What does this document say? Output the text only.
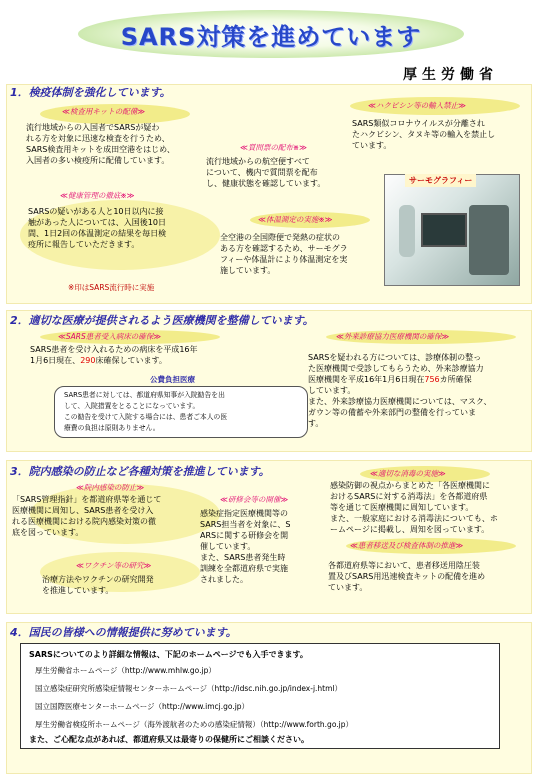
SARS対策を進めています
厚生労働省
1．検疫体制を強化しています。
≪検査用キットの配備≫
流行地域からの入国者でSARSが疑わ
れる方を対象に迅速な検査を行うため、
SARS検査用キットを成田空港をはじめ、
入国者の多い検疫所に配備しています。
≪健康管理の徹底※≫
SARSの疑いがある人と10日以内に接
触があった人については、入国後10日
間、1日2回の体温測定の結果を毎日検
疫所に報告していただきます。
≪質問票の配布※≫
流行地域からの航空便すべて
について、機内で質問票を配布
し、健康状態を確認しています。
≪ハクビシン等の輸入禁止≫
SARS類似コロナウイルスが分離され
たハクビシン、タヌキ等の輸入を禁止し
ています。
サーモグラフィー
≪体温測定の実施※≫
全空港の全国際便で発熱の症状の
ある方を確認するため、サーモグラ
フィーや体温計により体温測定を実
施しています。
※印はSARS流行時に実施
2．適切な医療が提供されるよう医療機関を整備しています。
≪SARS患者受入病床の確保≫
SARS患者を受け入れるための病床を平成16年
1月6日現在、290床確保しています。
公費負担医療
SARS患者に対しては、都道府県知事が入院勧告を出
して、入院措置をとることになっています。
この勧告を受けて入院する場合には、患者ご本人の医
療費の負担は原則ありません。
≪外来診療協力医療機関の確保≫
SARSを疑われる方については、診療体制の整っ
た医療機関で受診してもらうため、外来診療協力
医療機関を平成16年1月6日現在756カ所確保
しています。
また、外来診療協力医療機関については、マスク、
ガウン等の備蓄や外来部門の整備を行っていま
す。
3．院内感染の防止など各種対策を推進しています。
≪院内感染の防止≫
「SARS管理指針」を都道府県等を通じて
医療機関に周知し、SARS患者を受け入
れる医療機関における院内感染対策の徹
底を図っています。
≪研修会等の開催≫
感染症指定医療機関等の
SARS担当者を対象に、S
ARSに関する研修会を開
催しています。
また、SARS患者発生時
訓練を全都道府県で実施
されました。
≪適切な消毒の実施≫
感染防御の視点からまとめた「各医療機関に
おけるSARSに対する消毒法」を各都道府県
等を通じて医療機関に周知しています。
また、一般家庭における消毒法についても、ホ
ームページに掲載し、周知を図っています。
≪ワクチン等の研究≫
治療方法やワクチンの研究開発
を推進しています。
≪患者移送及び検査体制の推進≫
各都道府県等において、患者移送用陰圧装
置及びSARS用迅速検査キットの配備を進め
ています。
4．国民の皆様への情報提供に努めています。
SARSについてのより詳細な情報は、下記のホームページでも入手できます。
厚生労働省ホームページ（http://www.mhlw.go.jp）
国立感染症研究所感染症情報センターホームページ（http://idsc.nih.go.jp/index-j.html）
国立国際医療センターホームページ（http://www.imcj.go.jp）
厚生労働省検疫所ホームページ（海外渡航者のための感染症情報）（http://www.forth.go.jp）
また、ご心配な点があれば、都道府県又は最寄りの保健所にご相談ください。
